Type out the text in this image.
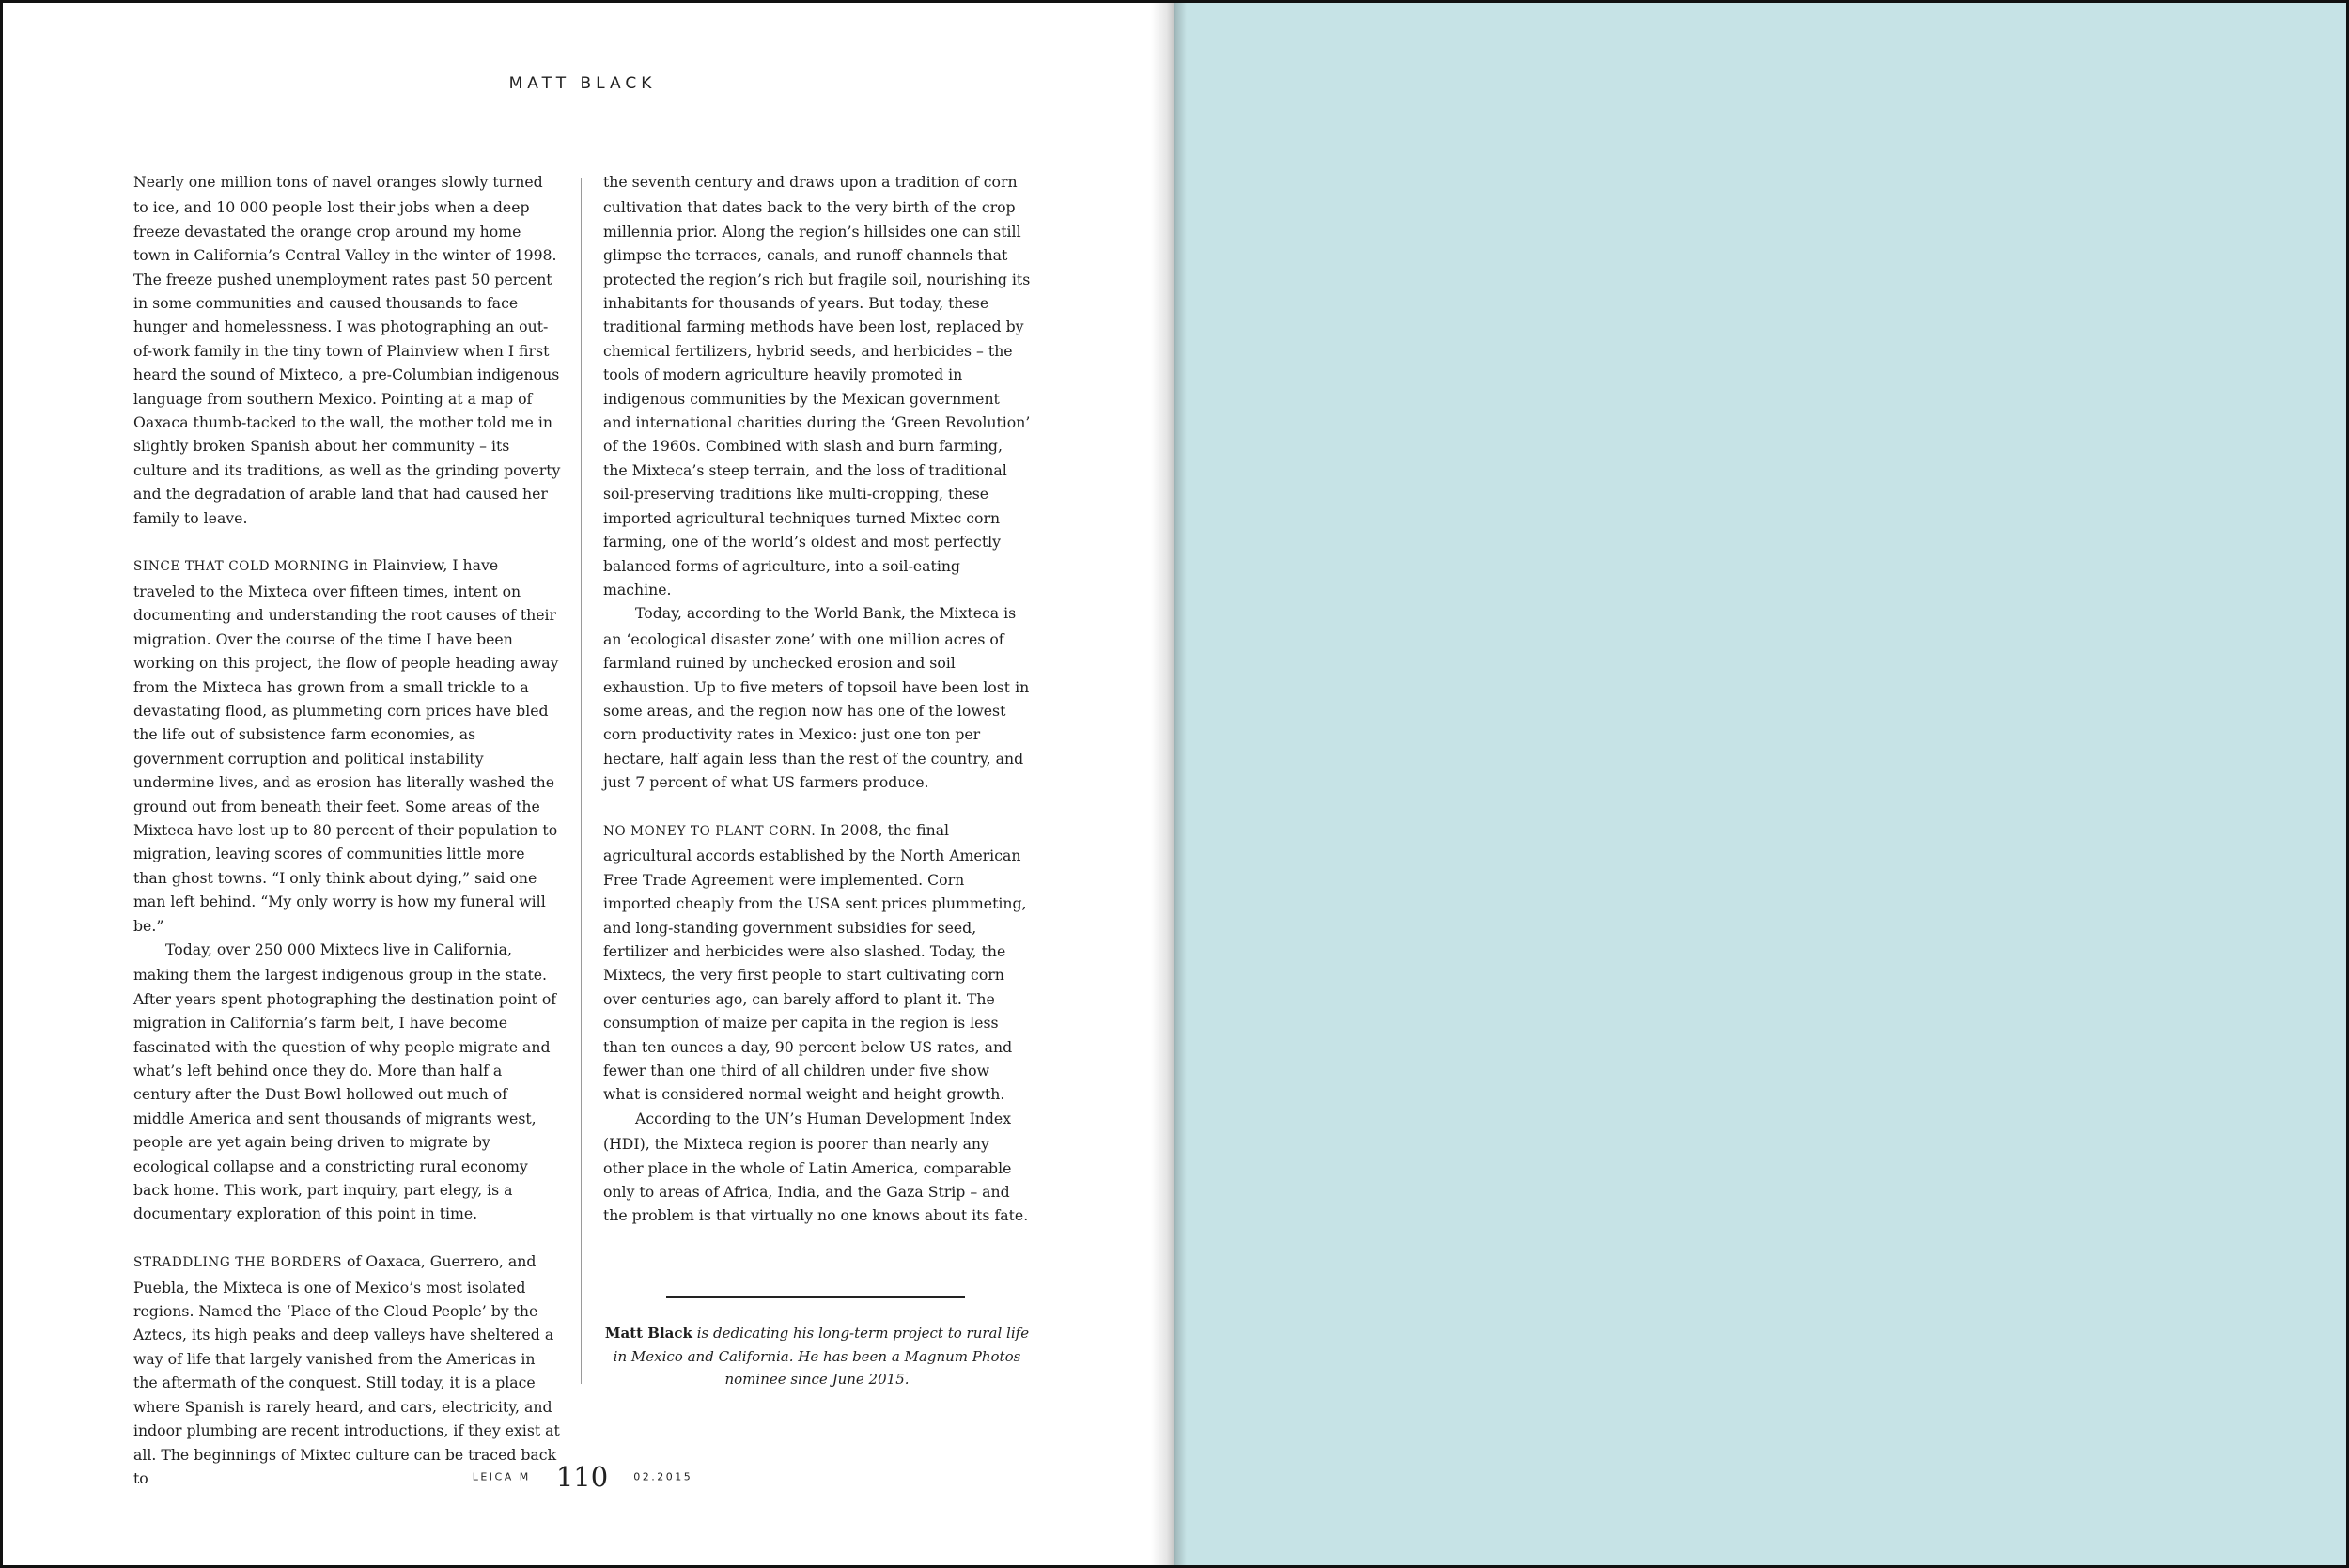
MATT BLACK

Nearly one million tons of navel oranges slowly turned to ice, and 10 000 people lost their jobs when a deep freeze devastated the orange crop around my home town in California’s Central Valley in the winter of 1998. The freeze pushed unemployment rates past 50 percent in some communities and caused thousands to face hunger and homelessness. I was photographing an out-of-work family in the tiny town of Plainview when I first heard the sound of Mixteco, a pre-Columbian indigenous language from southern Mexico. Pointing at a map of Oaxaca thumb-tacked to the wall, the mother told me in slightly broken Spanish about her community – its culture and its traditions, as well as the grinding poverty and the degradation of arable land that had caused her family to leave.

SINCE THAT COLD MORNING in Plainview, I have traveled to the Mixteca over fifteen times, intent on documenting and understanding the root causes of their migration. Over the course of the time I have been working on this project, the flow of people heading away from the Mixteca has grown from a small trickle to a devastating flood, as plummeting corn prices have bled the life out of subsistence farm economies, as government corruption and political instability undermine lives, and as erosion has literally washed the ground out from beneath their feet. Some areas of the Mixteca have lost up to 80 percent of their population to migration, leaving scores of communities little more than ghost towns. “I only think about dying,” said one man left behind. “My only worry is how my funeral will be.”

Today, over 250 000 Mixtecs live in California, making them the largest indigenous group in the state. After years spent photographing the destination point of migration in California’s farm belt, I have become fascinated with the question of why people migrate and what’s left behind once they do. More than half a century after the Dust Bowl hollowed out much of middle America and sent thousands of migrants west, people are yet again being driven to migrate by ecological collapse and a constricting rural economy back home. This work, part inquiry, part elegy, is a documentary exploration of this point in time.

STRADDLING THE BORDERS of Oaxaca, Guerrero, and Puebla, the Mixteca is one of Mexico’s most isolated regions. Named the ‘Place of the Cloud People’ by the Aztecs, its high peaks and deep valleys have sheltered a way of life that largely vanished from the Americas in the aftermath of the conquest. Still today, it is a place where Spanish is rarely heard, and cars, electricity, and indoor plumbing are recent introductions, if they exist at all. The beginnings of Mixtec culture can be traced back to

the seventh century and draws upon a tradition of corn cultivation that dates back to the very birth of the crop millennia prior. Along the region’s hillsides one can still glimpse the terraces, canals, and runoff channels that protected the region’s rich but fragile soil, nourishing its inhabitants for thousands of years. But today, these traditional farming methods have been lost, replaced by chemical fertilizers, hybrid seeds, and herbicides – the tools of modern agriculture heavily promoted in indigenous communities by the Mexican government and international charities during the ‘Green Revolution’ of the 1960s. Combined with slash and burn farming, the Mixteca’s steep terrain, and the loss of traditional soil-preserving traditions like multi-cropping, these imported agricultural techniques turned Mixtec corn farming, one of the world’s oldest and most perfectly balanced forms of agriculture, into a soil-eating machine.

Today, according to the World Bank, the Mixteca is an ‘ecological disaster zone’ with one million acres of farmland ruined by unchecked erosion and soil exhaustion. Up to five meters of topsoil have been lost in some areas, and the region now has one of the lowest corn productivity rates in Mexico: just one ton per hectare, half again less than the rest of the country, and just 7 percent of what US farmers produce.

NO MONEY TO PLANT CORN. In 2008, the final agricultural accords established by the North American Free Trade Agreement were implemented. Corn imported cheaply from the USA sent prices plummeting, and long-standing government subsidies for seed, fertilizer and herbicides were also slashed. Today, the Mixtecs, the very first people to start cultivating corn over centuries ago, can barely afford to plant it. The consumption of maize per capita in the region is less than ten ounces a day, 90 percent below US rates, and fewer than one third of all children under five show what is considered normal weight and height growth.

According to the UN’s Human Development Index (HDI), the Mixteca region is poorer than nearly any other place in the whole of Latin America, comparable only to areas of Africa, India, and the Gaza Strip – and the problem is that virtually no one knows about its fate.

Matt Black is dedicating his long-term project to rural life in Mexico and California. He has been a Magnum Photos nominee since June 2015.
LEICA M 110 02.2015
